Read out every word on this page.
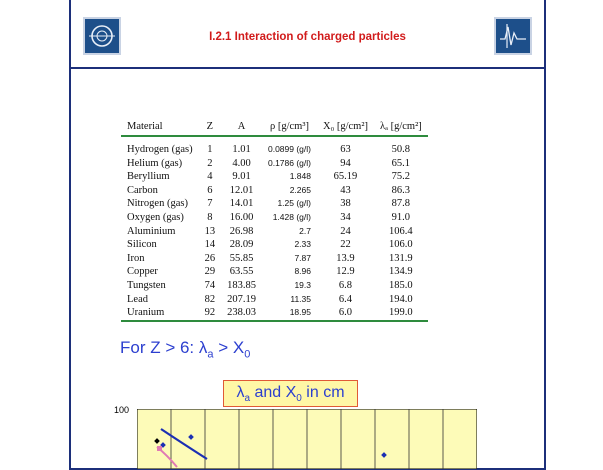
I.2.1 Interaction of charged particles
Material	Z	A	ρ [g/cm³]	X₀ [g/cm²]	λₐ [g/cm²]
Hydrogen (gas)	1	1.01	0.0899 (g/l)	63	50.8
Helium (gas)	2	4.00	0.1786 (g/l)	94	65.1
Beryllium	4	9.01	1.848	65.19	75.2
Carbon	6	12.01	2.265	43	86.3
Nitrogen (gas)	7	14.01	1.25 (g/l)	38	87.8
Oxygen (gas)	8	16.00	1.428 (g/l)	34	91.0
Aluminium	13	26.98	2.7	24	106.4
Silicon	14	28.09	2.33	22	106.0
Iron	26	55.85	7.87	13.9	131.9
Copper	29	63.55	8.96	12.9	134.9
Tungsten	74	183.85	19.3	6.8	185.0
Lead	82	207.19	11.35	6.4	194.0
Uranium	92	238.03	18.95	6.0	199.0
For Z > 6: $\lambda_a > X_0$
100
$\lambda_a$ and $X_0$ in cm
